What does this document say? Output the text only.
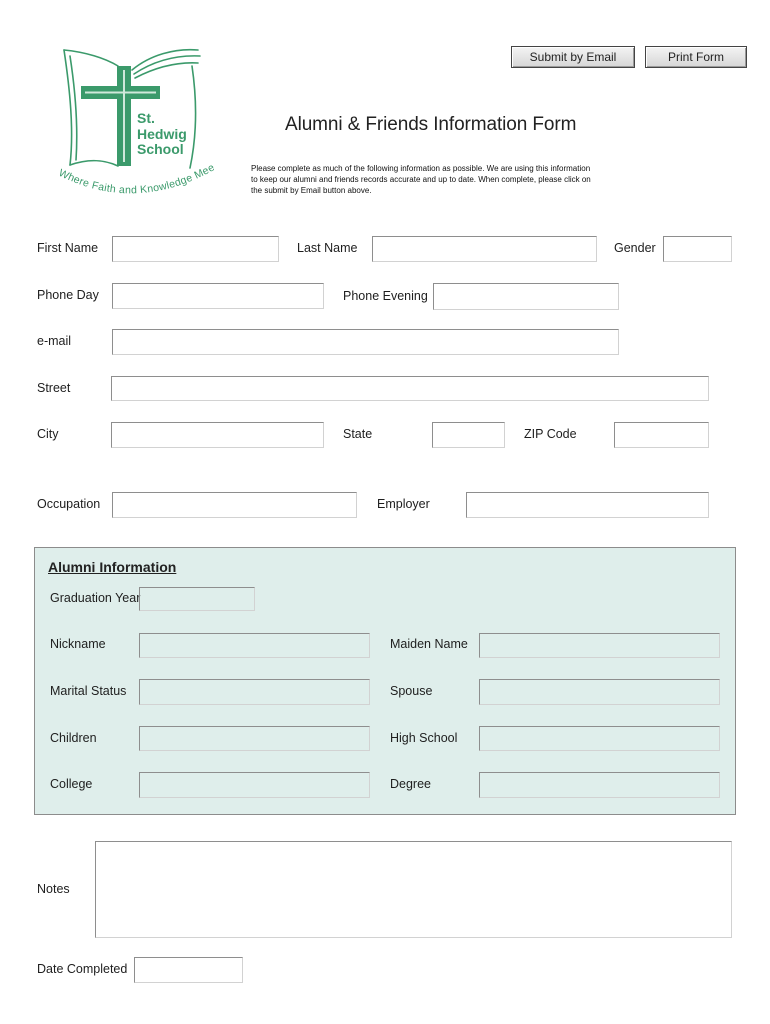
St.
Hedwig
School
Where Faith and Knowledge Mee
Submit by Email	Print Form
Alumni & Friends Information Form
Please complete as much of the following information as possible. We are using this information
to keep our alumni and friends records accurate and up to date. When complete, please click on
the submit by Email button above.
First Name	Last Name	Gender
Phone Day	Phone Evening
e-mail
Street
City	State	ZIP Code
Occupation	Employer
Alumni Information
Graduation Year
Nickname	Maiden Name
Marital Status	Spouse
Children	High School
College	Degree
Notes
Date Completed
